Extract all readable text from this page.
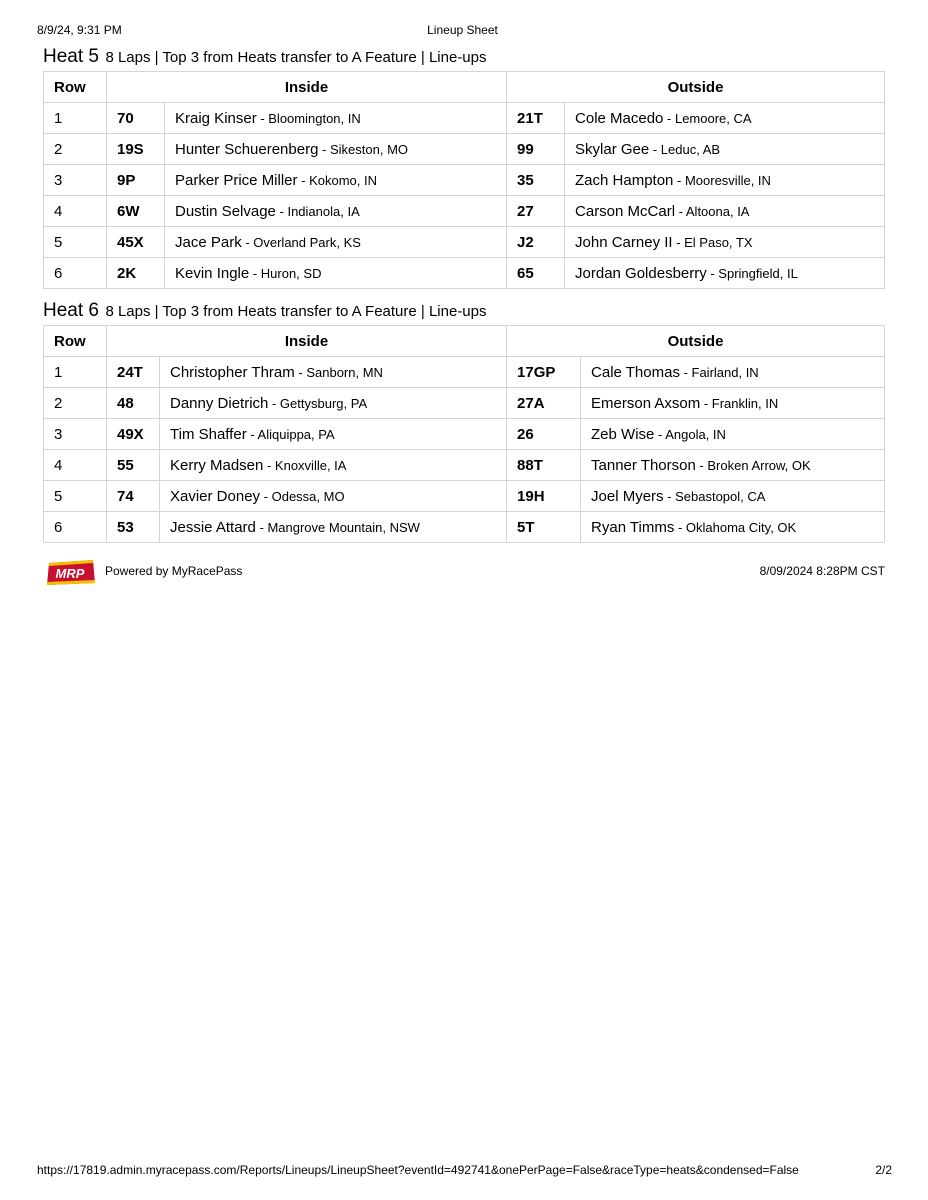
8/9/24, 9:31 PM	Lineup Sheet
Heat 5 8 Laps | Top 3 from Heats transfer to A Feature | Line-ups
Row	Inside		Outside	
1	70	Kraig Kinser - Bloomington, IN	21T	Cole Macedo - Lemoore, CA
2	19S	Hunter Schuerenberg - Sikeston, MO	99	Skylar Gee - Leduc, AB
3	9P	Parker Price Miller - Kokomo, IN	35	Zach Hampton - Mooresville, IN
4	6W	Dustin Selvage - Indianola, IA	27	Carson McCarl - Altoona, IA
5	45X	Jace Park - Overland Park, KS	J2	John Carney II - El Paso, TX
6	2K	Kevin Ingle - Huron, SD	65	Jordan Goldesberry - Springfield, IL
Heat 6 8 Laps | Top 3 from Heats transfer to A Feature | Line-ups
Row	Inside		Outside	
1	24T	Christopher Thram - Sanborn, MN	17GP	Cale Thomas - Fairland, IN
2	48	Danny Dietrich - Gettysburg, PA	27A	Emerson Axsom - Franklin, IN
3	49X	Tim Shaffer - Aliquippa, PA	26	Zeb Wise - Angola, IN
4	55	Kerry Madsen - Knoxville, IA	88T	Tanner Thorson - Broken Arrow, OK
5	74	Xavier Doney - Odessa, MO	19H	Joel Myers - Sebastopol, CA
6	53	Jessie Attard - Mangrove Mountain, NSW	5T	Ryan Timms - Oklahoma City, OK
MRP Powered by MyRacePass	8/09/2024 8:28PM CST
https://17819.admin.myracepass.com/Reports/Lineups/LineupSheet?eventId=492741&onePerPage=False&raceType=heats&condensed=False	2/2
